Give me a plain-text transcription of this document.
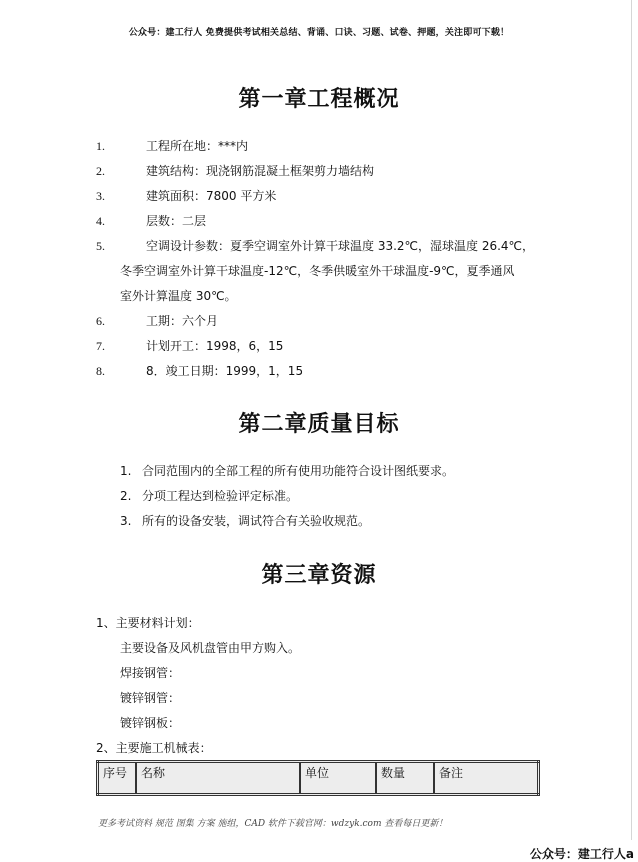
公众号：建工行人 免费提供考试相关总结、背诵、口诀、习题、试卷、押题，关注即可下载！
第一章工程概况
1.	工程所在地：***内
2.	建筑结构：现浇钢筋混凝土框架剪力墙结构
3.	建筑面积：7800 平方米
4.	层数：二层
5.	空调设计参数：夏季空调室外计算干球温度 33.2℃，湿球温度 26.4℃，
冬季空调室外计算干球温度-12℃，冬季供暖室外干球温度-9℃，夏季通风
室外计算温度 30℃。
6.	工期：六个月
7.	计划开工：1998，6，15
8.	8．竣工日期：1999，1，15
第二章质量目标
1. 合同范围内的全部工程的所有使用功能符合设计图纸要求。
2. 分项工程达到检验评定标准。
3. 所有的设备安装，调试符合有关验收规范。
第三章资源
1、主要材料计划：
主要设备及风机盘管由甲方购入。
焊接钢管：
镀锌钢管：
镀锌钢板：
2、主要施工机械表：
序号	名称	单位	数量	备注
更多考试资料 规范 图集 方案 施组，CAD 软件下载官网：wdzyk.com 查看每日更新！
公众号：建工行人a
